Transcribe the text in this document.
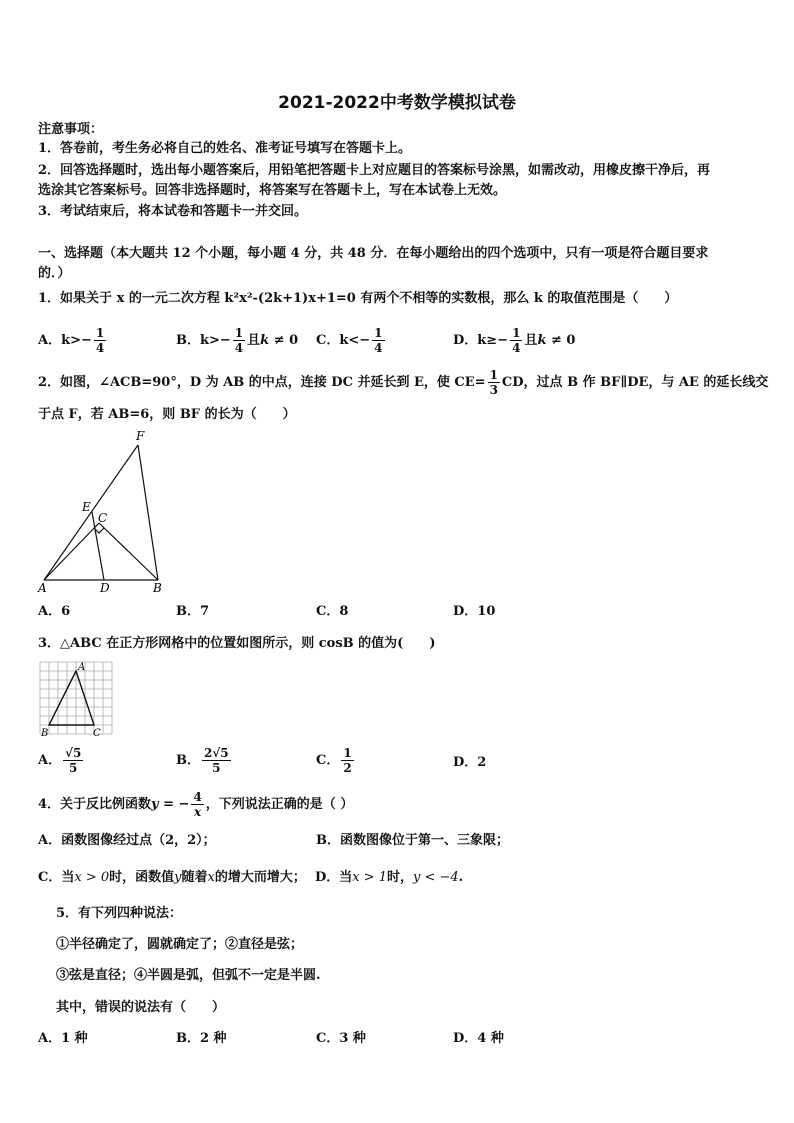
2021-2022中考数学模拟试卷
注意事项：
1．答卷前，考生务必将自己的姓名、准考证号填写在答题卡上。
2．回答选择题时，选出每小题答案后，用铅笔把答题卡上对应题目的答案标号涂黑，如需改动，用橡皮擦干净后，再
选涂其它答案标号。回答非选择题时，将答案写在答题卡上，写在本试卷上无效。
3．考试结束后，将本试卷和答题卡一并交回。
一、选择题（本大题共 12 个小题，每小题 4 分，共 48 分．在每小题给出的四个选项中，只有一项是符合题目要求
的．）
1．如果关于 x 的一元二次方程 k²x²-(2k+1)x+1=0 有两个不相等的实数根，那么 k 的取值范围是（　　）
A．$k>- \frac{1}{4}$	B．$k>- \frac{1}{4}$ 且k ≠ 0 C．$k<- \frac{1}{4}$	D．$k\ge- \frac{1}{4}$ 且k ≠ 0
2．如图，∠ACB=90°，D 为 AB 的中点，连接 DC 并延长到 E，使 $CE= \frac{1}{3}$ CD，过点 B 作 BF∥DE，与 AE 的延长线交
于点 F，若 AB=6，则 BF 的长为（　　）
F
E
C
A	D	B
A．6	B．7	C．8	D．10
3．△ABC 在正方形网格中的位置如图所示，则 cosB 的值为(　　)
A
B	C
A． $\frac{√5}{5}$	B． $\frac{2√5}{5}$	C． $\frac{1}{2}$	D．2
4．关于反比例函数y = − $\frac{4}{x}$ ，下列说法正确的是（ ）
A．函数图像经过点（2，2）；	B．函数图像位于第一、三象限；
C．当x > 0时，函数值y随着x的增大而增大； D．当x > 1时，y < −4.
5．有下列四种说法：
①半径确定了，圆就确定了；②直径是弦；
③弦是直径；④半圆是弧，但弧不一定是半圆.
其中，错误的说法有（　　）
A．1 种	B．2 种	C．3 种	D．4 种
